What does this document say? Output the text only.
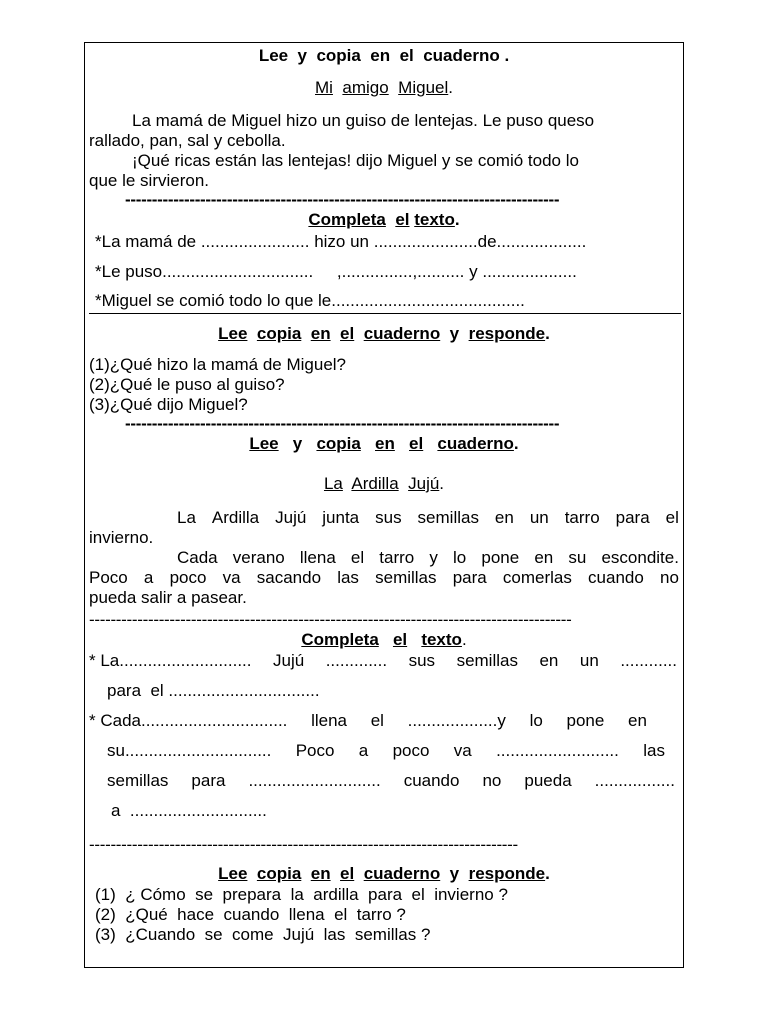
Lee  y  copia  en  el  cuaderno .
Mi amigo Miguel.
La mamá de Miguel hizo un guiso de lentejas. Le puso queso
rallado, pan, sal y cebolla.
¡Qué ricas están las lentejas! dijo Miguel y se comió todo lo
que le sirvieron.
---------------------------------------------------------------------------------
Completa el texto.
*La mamá de ....................... hizo un ......................de...................
*Le puso................................     ,...............,.......... y ....................
*Miguel se comió todo lo que le.........................................
Lee copia en el cuaderno y responde.
(1)¿Qué hizo la mamá de Miguel?
(2)¿Qué le puso al guiso?
(3)¿Qué dijo Miguel?
---------------------------------------------------------------------------------
Lee y copia en el cuaderno.
La Ardilla Jujú.
La Ardilla Jujú junta sus semillas en un tarro para el
invierno.
Cada verano llena el tarro y lo pone en su escondite.
Poco a poco va sacando las semillas para comerlas cuando no
pueda salir a pasear.
------------------------------------------------------------------------------------------
Completa el texto.
* La............................ Jujú ............. sus semillas en un ............
para  el ................................
* Cada............................... llena el ...................y lo pone en
su............................... Poco a poco va .......................... las
semillas para ............................ cuando no pueda .................
a  .............................
--------------------------------------------------------------------------------
Lee copia en el cuaderno y responde.
(1)  ¿ Cómo  se  prepara  la  ardilla  para  el  invierno ?
(2)  ¿Qué  hace  cuando  llena  el  tarro ?
(3)  ¿Cuando  se  come  Jujú  las  semillas ?
